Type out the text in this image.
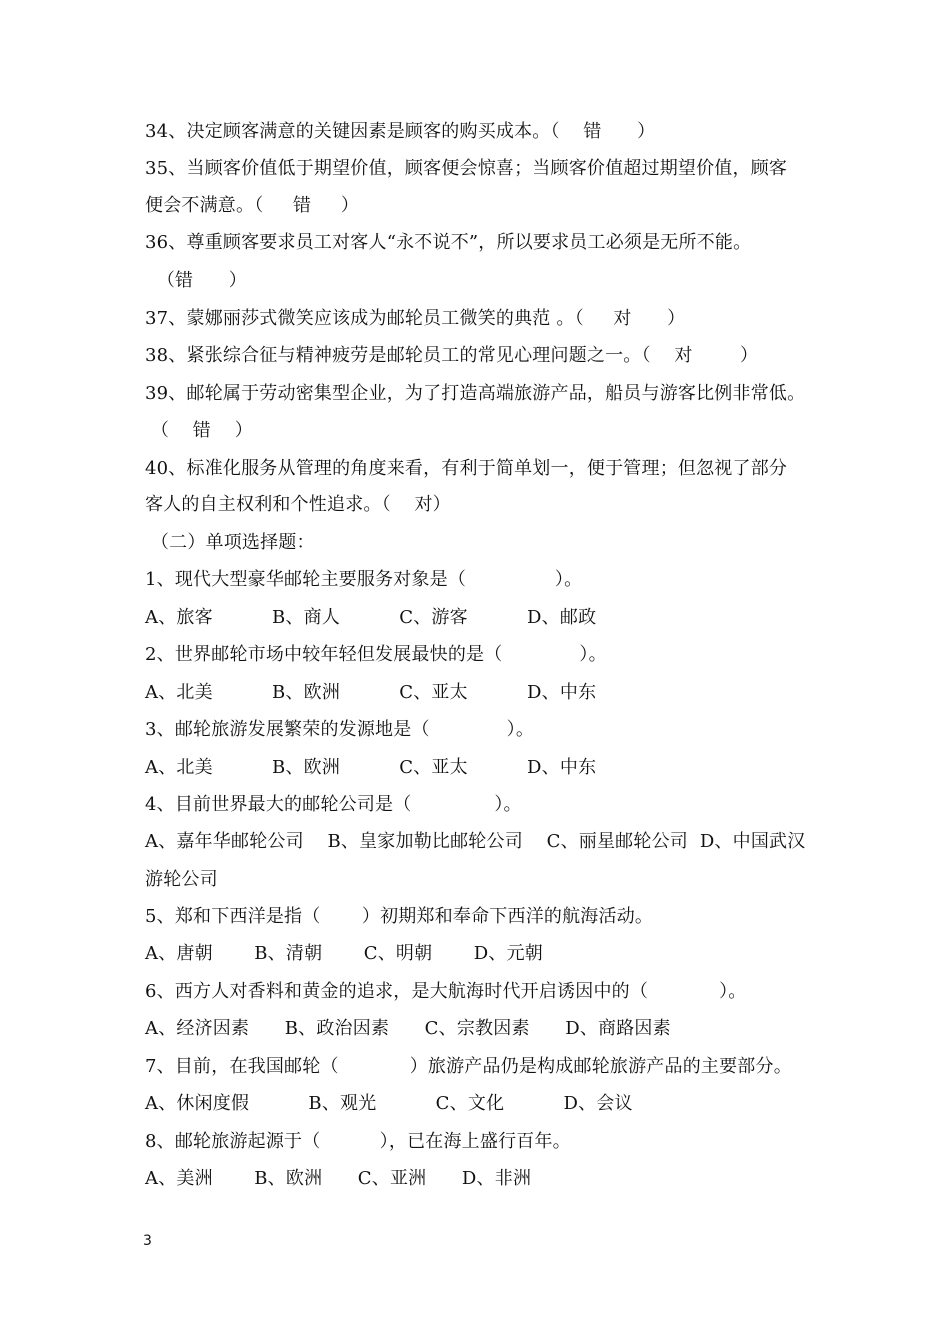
34、决定顾客满意的关键因素是顾客的购买成本。（    错      ）
35、当顾客价值低于期望价值，顾客便会惊喜；当顾客价值超过期望价值，顾客
便会不满意。（     错     ）
36、尊重顾客要求员工对客人“永不说不”，所以要求员工必须是无所不能。
（错      ）
37、蒙娜丽莎式微笑应该成为邮轮员工微笑的典范 。（     对      ）
38、紧张综合征与精神疲劳是邮轮员工的常见心理问题之一。（    对        ）
39、邮轮属于劳动密集型企业，为了打造高端旅游产品，船员与游客比例非常低。
（    错    ）
40、标准化服务从管理的角度来看，有利于简单划一，便于管理；但忽视了部分
客人的自主权利和个性追求。（    对）
（二）单项选择题：
1、现代大型豪华邮轮主要服务对象是（               ）。
A、旅客          B、商人          C、游客          D、邮政
2、世界邮轮市场中较年轻但发展最快的是（             ）。
A、北美          B、欧洲          C、亚太          D、中东
3、邮轮旅游发展繁荣的发源地是（             ）。
A、北美          B、欧洲          C、亚太          D、中东
4、目前世界最大的邮轮公司是（              ）。
A、嘉年华邮轮公司    B、皇家加勒比邮轮公司    C、丽星邮轮公司  D、中国武汉
游轮公司
5、郑和下西洋是指（       ）初期郑和奉命下西洋的航海活动。
A、唐朝       B、清朝       C、明朝       D、元朝
6、西方人对香料和黄金的追求，是大航海时代开启诱因中的（            ）。
A、经济因素      B、政治因素      C、宗教因素      D、商路因素
7、目前，在我国邮轮（            ）旅游产品仍是构成邮轮旅游产品的主要部分。
A、休闲度假          B、观光          C、文化          D、会议
8、邮轮旅游起源于（          ），已在海上盛行百年。
A、美洲       B、欧洲      C、亚洲      D、非洲
3
